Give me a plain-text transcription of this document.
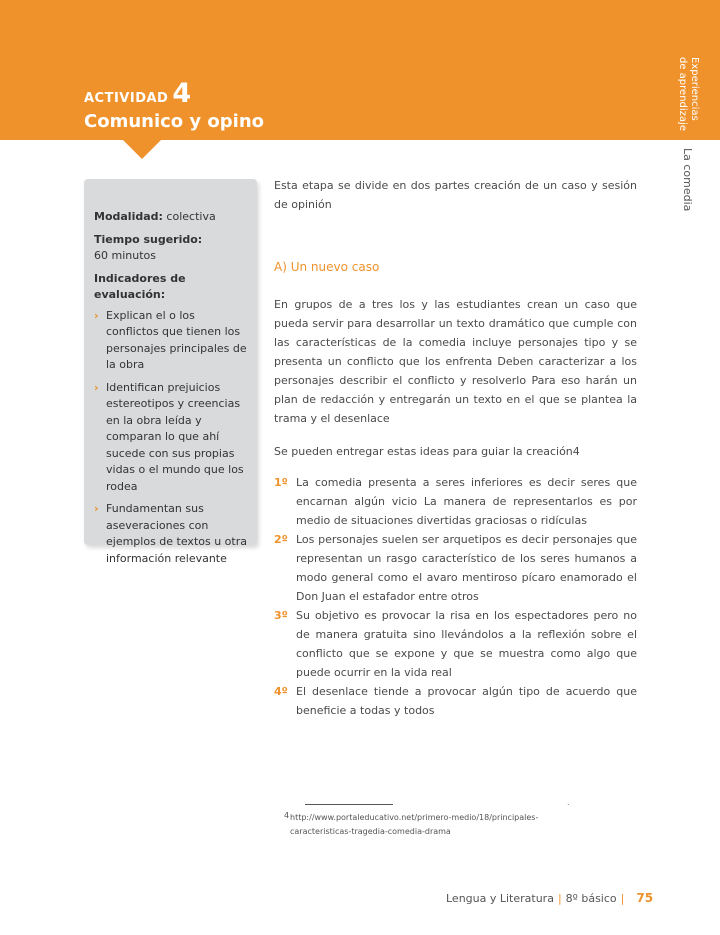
ACTIVIDAD 4
Comunico y opino
Experiencias
de aprendizaje
La comedia

Modalidad: colectiva

Tiempo sugerido:
60 minutos

Indicadores de evaluación:

› Explican el o los conflictos que tienen los personajes principales de la obra
› Identifican prejuicios estereotipos y creencias en la obra leída y comparan lo que ahí sucede con sus propias vidas o el mundo que los rodea
› Fundamentan sus aseveraciones con ejemplos de textos u otra información relevante

Esta etapa se divide en dos partes creación de un caso y sesión de opinión

A) Un nuevo caso

En grupos de a tres los y las estudiantes crean un caso que pueda servir para desarrollar un texto dramático que cumple con las características de la comedia incluye personajes tipo y se presenta un conflicto que los enfrenta Deben caracterizar a los personajes describir el conflicto y resolverlo Para eso harán un plan de redacción y entregarán un texto en el que se plantea la trama y el desenlace

Se pueden entregar estas ideas para guiar la creación4

1º La comedia presenta a seres inferiores es decir seres que encarnan algún vicio La manera de representarlos es por medio de situaciones divertidas graciosas o ridículas

2º Los personajes suelen ser arquetipos es decir personajes que representan un rasgo característico de los seres humanos a modo general como el avaro mentiroso pícaro enamorado el Don Juan el estafador entre otros

3º Su objetivo es provocar la risa en los espectadores pero no de manera gratuita sino llevándolos a la reflexión sobre el conflicto que se expone y que se muestra como algo que puede ocurrir en la vida real

4º El desenlace tiende a provocar algún tipo de acuerdo que beneficie a todas y todos

.
4 http://www.portaleducativo.net/primero-medio/18/principales-
caracteristicas-tragedia-comedia-drama
Lengua y Literatura | 8º básico | 75
